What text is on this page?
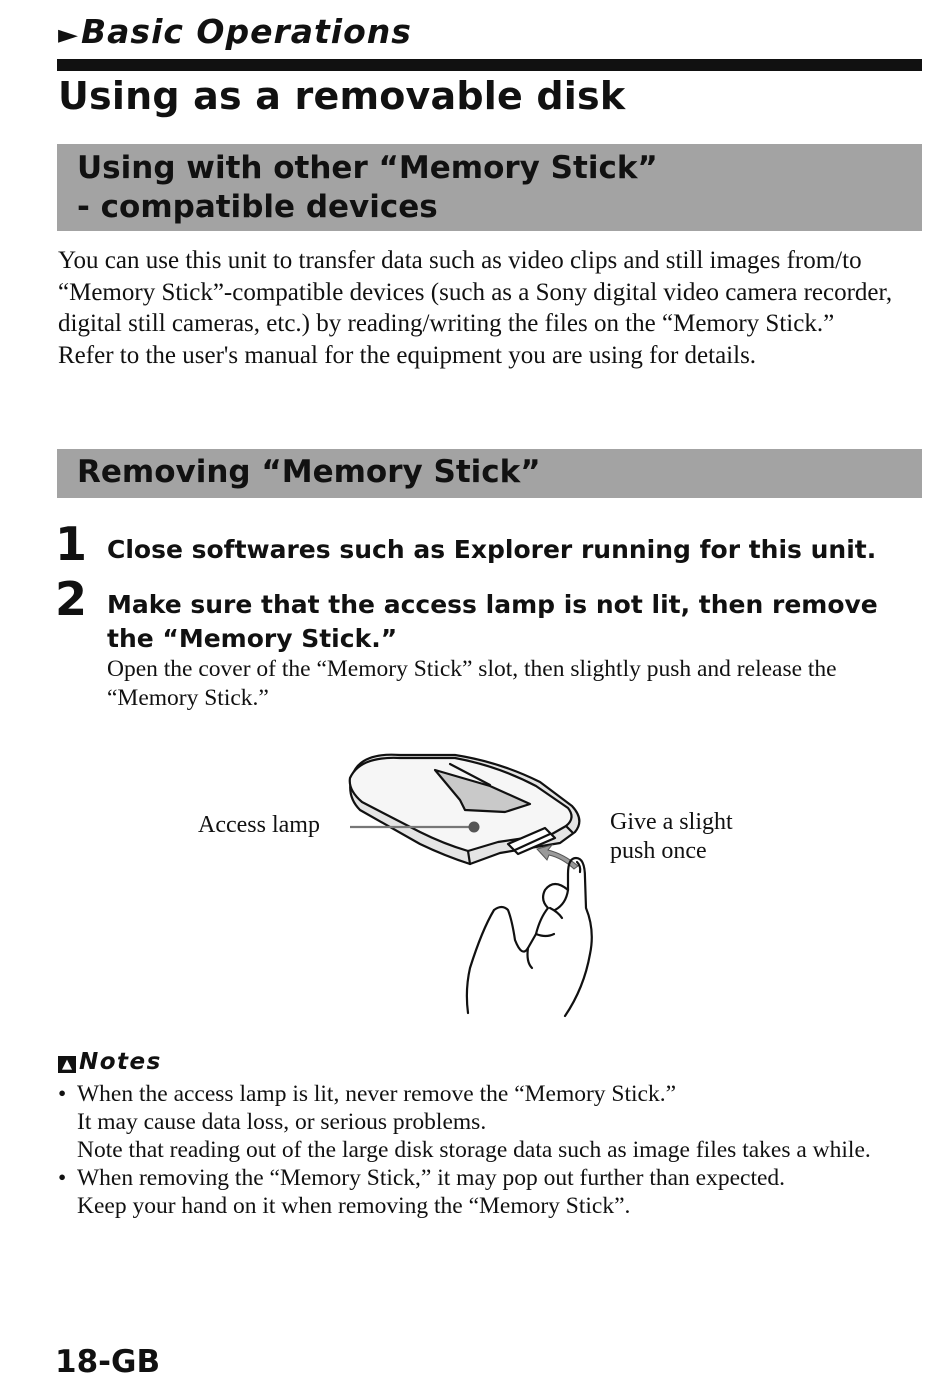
►Basic Operations
Using as a removable disk
Using with other “Memory Stick”
- compatible devices

You can use this unit to transfer data such as video clips and still images from/to “Memory Stick”-compatible devices (such as a Sony digital video camera recorder, digital still cameras, etc.) by reading/writing the files on the “Memory Stick.”

Refer to the user's manual for the equipment you are using for details.

Removing “Memory Stick”
1 Close softwares such as Explorer running for this unit.
2 Make sure that the access lamp is not lit, then remove the “Memory Stick.”
Open the cover of the “Memory Stick” slot, then slightly push and release the “Memory Stick.”
Access lamp	Give a slight
push once
▲ Notes
• When the access lamp is lit, never remove the “Memory Stick.”
It may cause data loss, or serious problems.
Note that reading out of the large disk storage data such as image files takes a while.
• When removing the “Memory Stick,” it may pop out further than expected.
Keep your hand on it when removing the “Memory Stick”.
18-GB
